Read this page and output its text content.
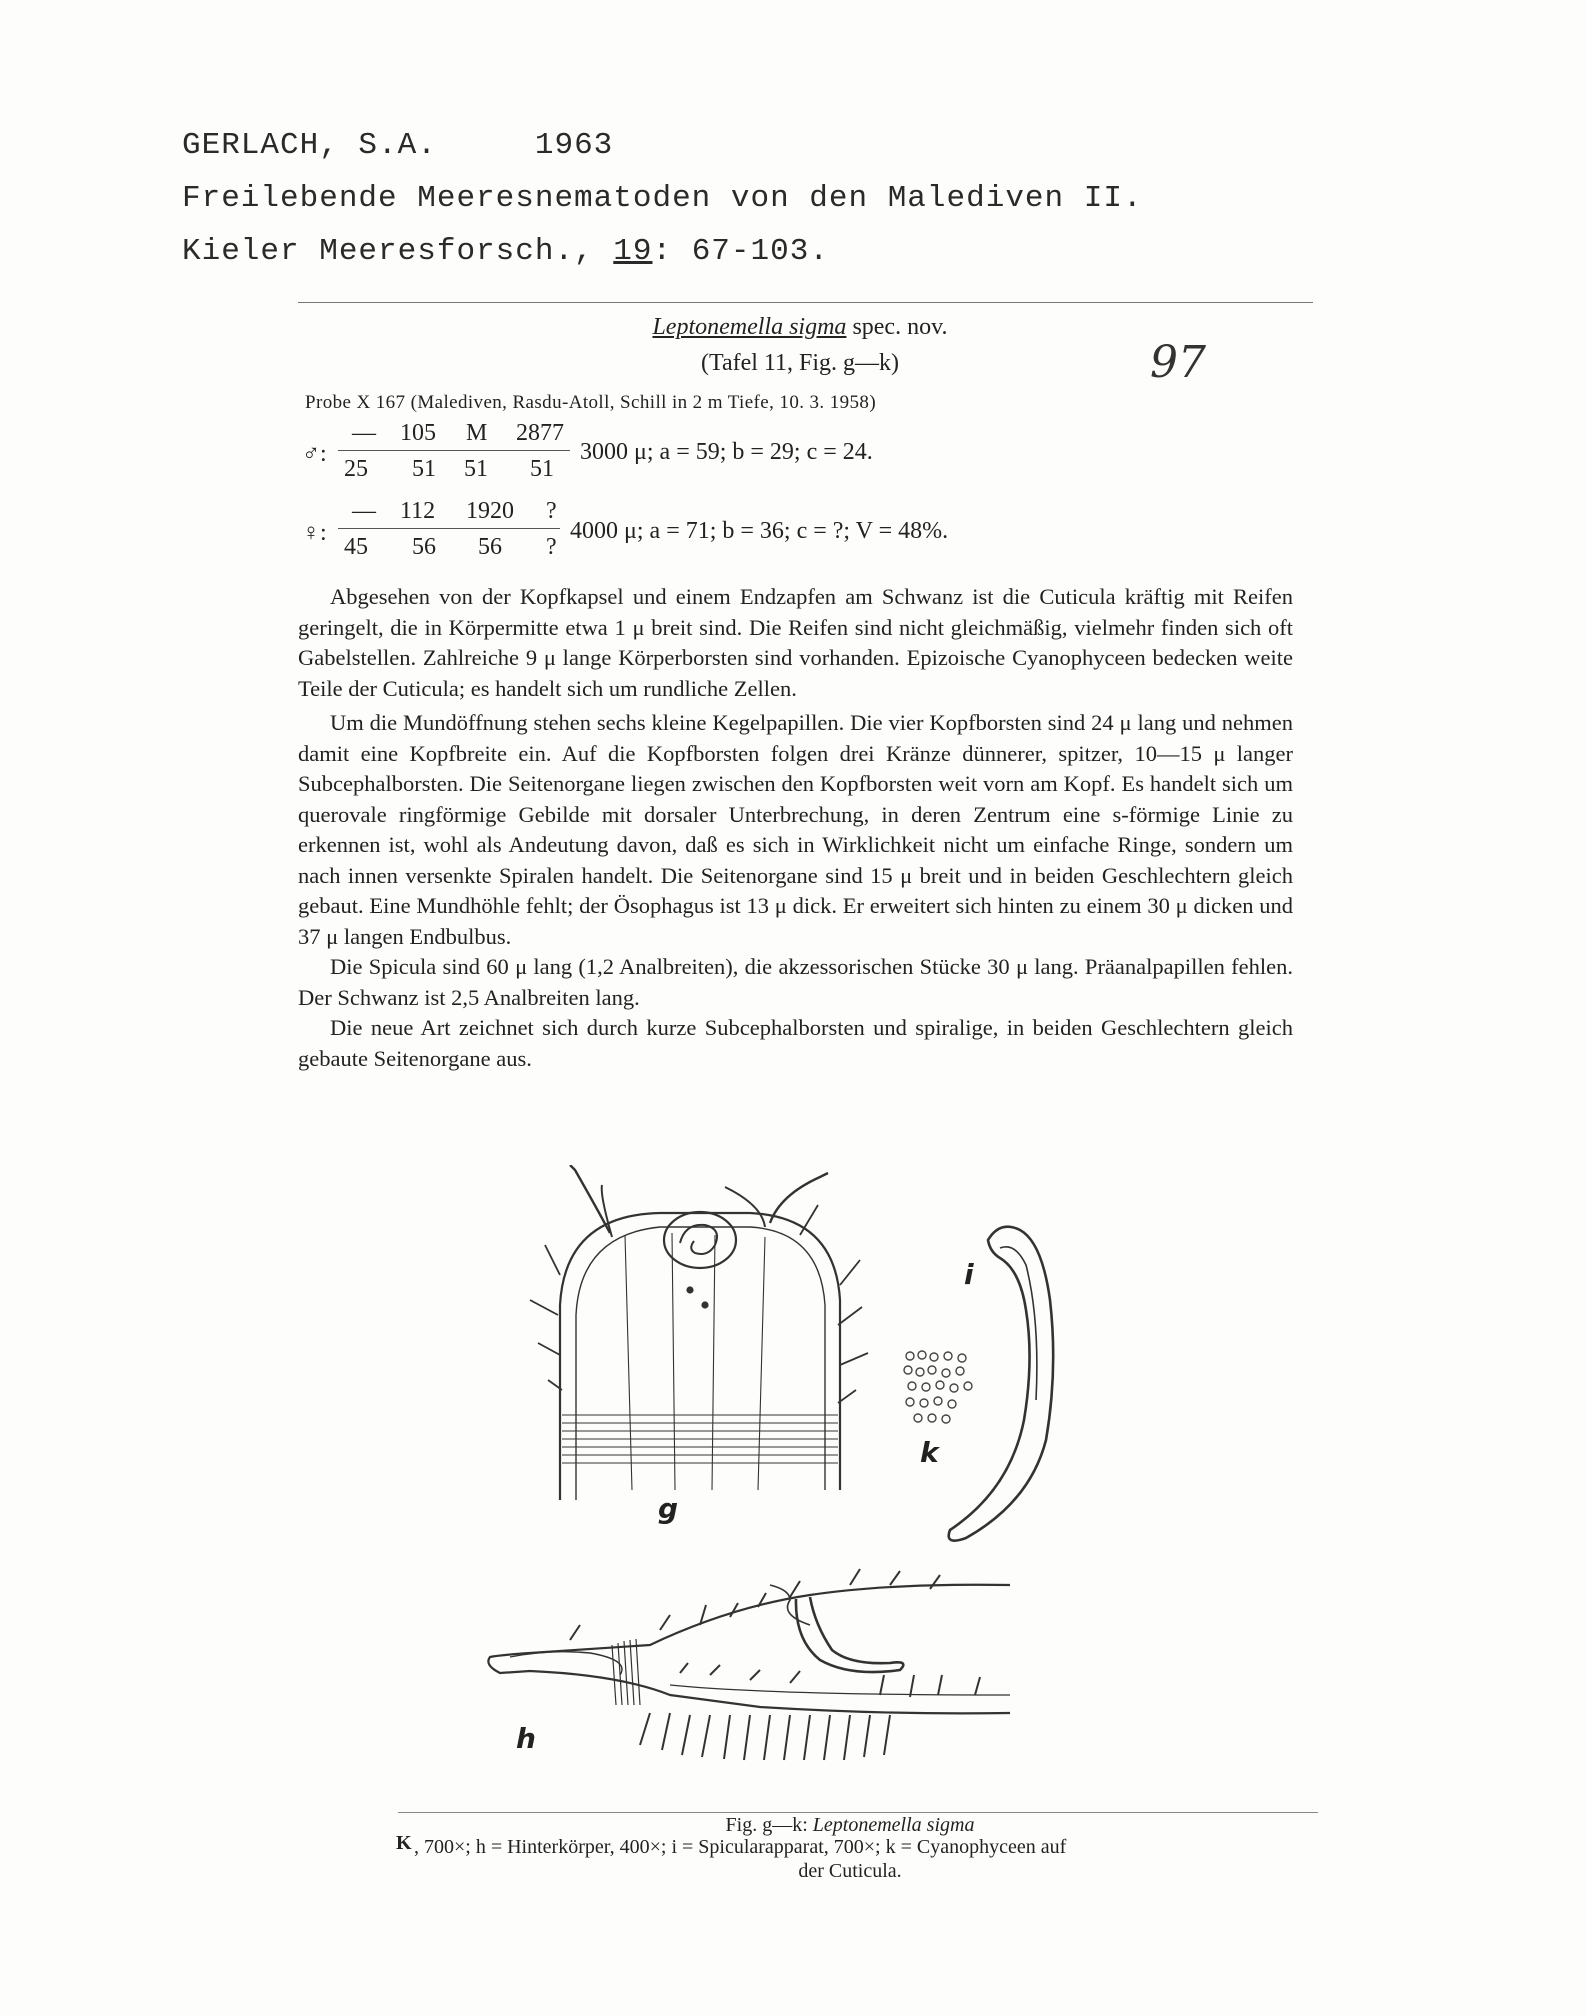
GERLACH, S.A.	1963
Freilebende Meeresnematoden von den Malediven II.
Kieler Meeresforsch., 19: 67-103.
Leptonemella sigma spec. nov.
(Tafel 11, Fig. g—k)	97
Probe X 167 (Malediven, Rasdu-Atoll, Schill in 2 m Tiefe, 10. 3. 1958)
♂:
— 105 M 2877
25 51 51 51
3000 μ; a = 59; b = 29; c = 24.
♀:
— 112 1920 ?
45 56 56 ?
4000 μ; a = 71; b = 36; c = ?; V = 48%.

Abgesehen von der Kopfkapsel und einem Endzapfen am Schwanz ist die Cuticula kräftig mit Reifen geringelt, die in Körpermitte etwa 1 μ breit sind. Die Reifen sind nicht gleichmäßig, vielmehr finden sich oft Gabelstellen. Zahlreiche 9 μ lange Körperborsten sind vorhanden. Epizoische Cyanophyceen bedecken weite Teile der Cuticula; es handelt sich um rundliche Zellen.

Um die Mundöffnung stehen sechs kleine Kegelpapillen. Die vier Kopfborsten sind 24 μ lang und nehmen damit eine Kopfbreite ein. Auf die Kopfborsten folgen drei Kränze dünnerer, spitzer, 10—15 μ langer Subcephalborsten. Die Seitenorgane liegen zwischen den Kopfborsten weit vorn am Kopf. Es handelt sich um querovale ringförmige Gebilde mit dorsaler Unterbrechung, in deren Zentrum eine s-förmige Linie zu erkennen ist, wohl als Andeutung davon, daß es sich in Wirklichkeit nicht um einfache Ringe, sondern um nach innen versenkte Spiralen handelt. Die Seitenorgane sind 15 μ breit und in beiden Geschlechtern gleich gebaut. Eine Mundhöhle fehlt; der Ösophagus ist 13 μ dick. Er erweitert sich hinten zu einem 30 μ dicken und 37 μ langen Endbulbus.

Die Spicula sind 60 μ lang (1,2 Analbreiten), die akzessorischen Stücke 30 μ lang. Präanalpapillen fehlen. Der Schwanz ist 2,5 Analbreiten lang.

Die neue Art zeichnet sich durch kurze Subcephalborsten und spiralige, in beiden Geschlechtern gleich gebaute Seitenorgane aus.

g
i
k
h
Fig. g—k: Leptonemella sigma
K , 700×; h = Hinterkörper, 400×; i = Spicularapparat, 700×; k = Cyanophyceen auf
der Cuticula.
